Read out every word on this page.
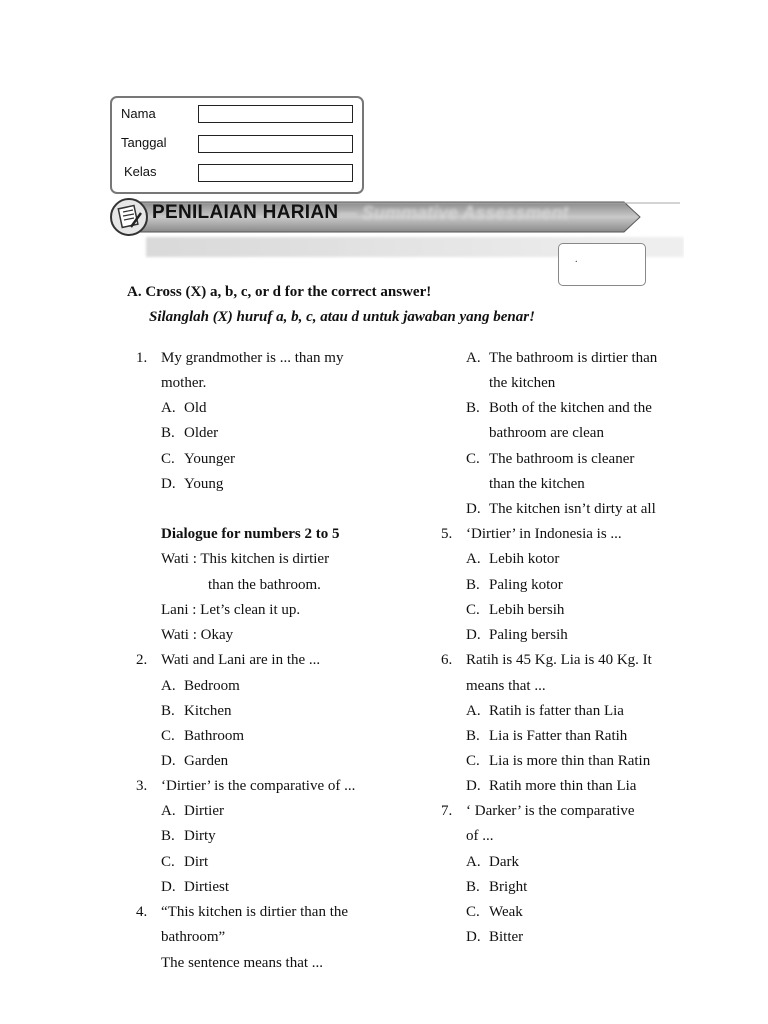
Nama
Tanggal
Kelas
PENILAIAN HARIAN — Summative Assessment
.
A. Cross (X) a, b, c, or d for the correct answer!
Silanglah (X) huruf a, b, c, atau d untuk jawaban yang benar!
1. My grandmother is ... than my
mother.
A. Old
B. Older
C. Younger
D. Young
Dialogue for numbers 2 to 5
Wati : This kitchen is dirtier
than the bathroom.
Lani : Let’s clean it up.
Wati : Okay
2. Wati and Lani are in the ...
A. Bedroom
B. Kitchen
C. Bathroom
D. Garden
3. ‘Dirtier’ is the comparative of ...
A. Dirtier
B. Dirty
C. Dirt
D. Dirtiest
4. “This kitchen is dirtier than the
bathroom”
The sentence means that ...
A. The bathroom is dirtier than
the kitchen
B. Both of the kitchen and the
bathroom are clean
C. The bathroom is cleaner
than the kitchen
D. The kitchen isn’t dirty at all
5. ‘Dirtier’ in Indonesia is ...
A. Lebih kotor
B. Paling kotor
C. Lebih bersih
D. Paling bersih
6. Ratih is 45 Kg. Lia is 40 Kg. It
means that ...
A. Ratih is fatter than Lia
B. Lia is Fatter than Ratih
C. Lia is more thin than Ratin
D. Ratih more thin than Lia
7. ‘ Darker’ is the comparative
of ...
A. Dark
B. Bright
C. Weak
D. Bitter
